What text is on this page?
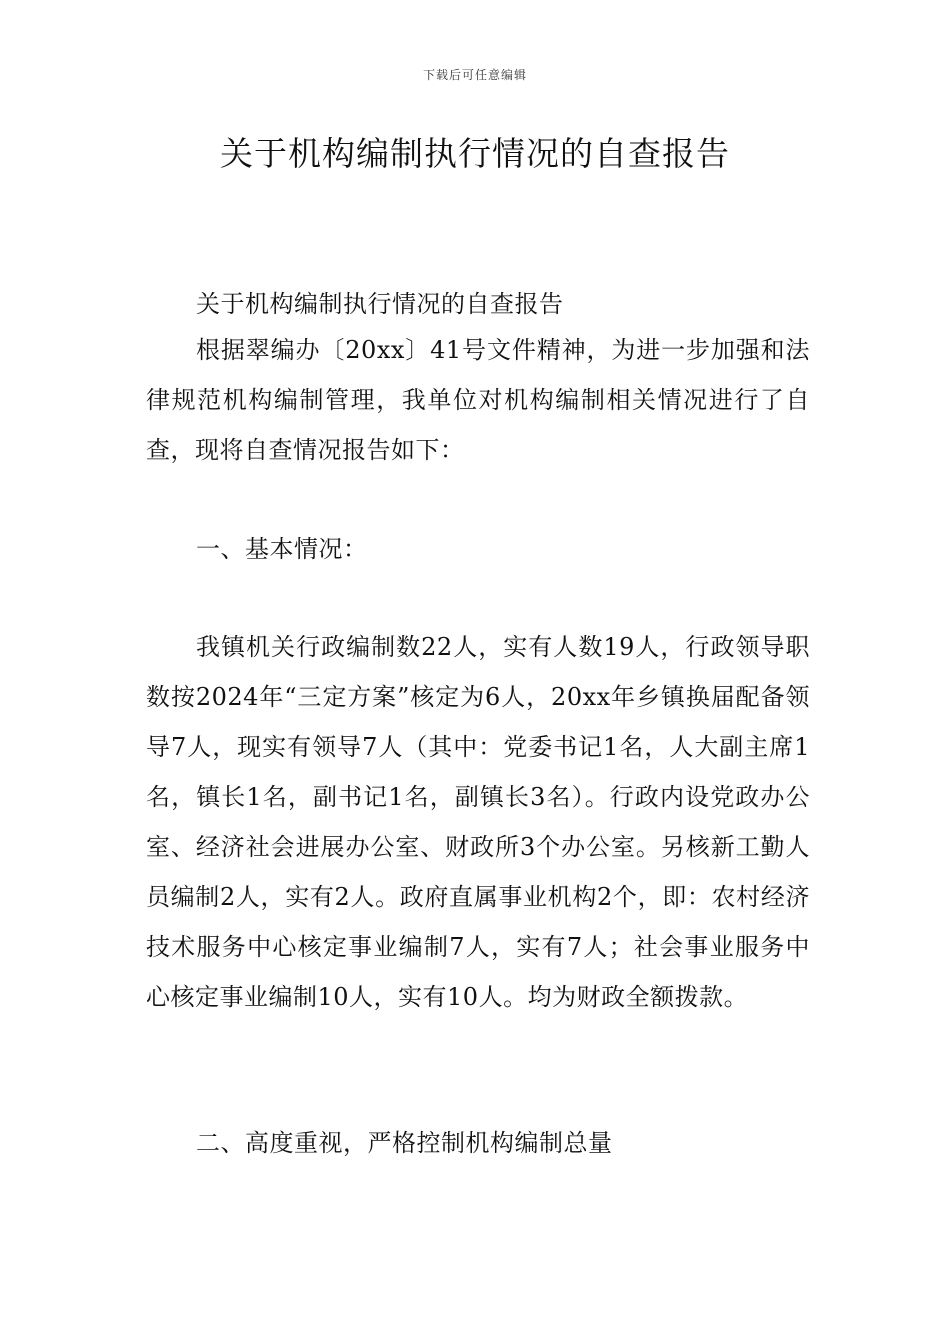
下载后可任意编辑
关于机构编制执行情况的自查报告

关于机构编制执行情况的自查报告

根据翠编办〔20xx〕41号文件精神，为进一步加强和法律规范机构编制管理，我单位对机构编制相关情况进行了自查，现将自查情况报告如下：

一、基本情况：

我镇机关行政编制数22人，实有人数19人，行政领导职数按2024年“三定方案”核定为6人，20xx年乡镇换届配备领导7人，现实有领导7人（其中：党委书记1名，人大副主席1名，镇长1名，副书记1名，副镇长3名）。行政内设党政办公室、经济社会进展办公室、财政所3个办公室。另核新工勤人员编制2人，实有2人。政府直属事业机构2个，即：农村经济技术服务中心核定事业编制7人，实有7人；社会事业服务中心核定事业编制10人，实有10人。均为财政全额拨款。

二、高度重视，严格控制机构编制总量
